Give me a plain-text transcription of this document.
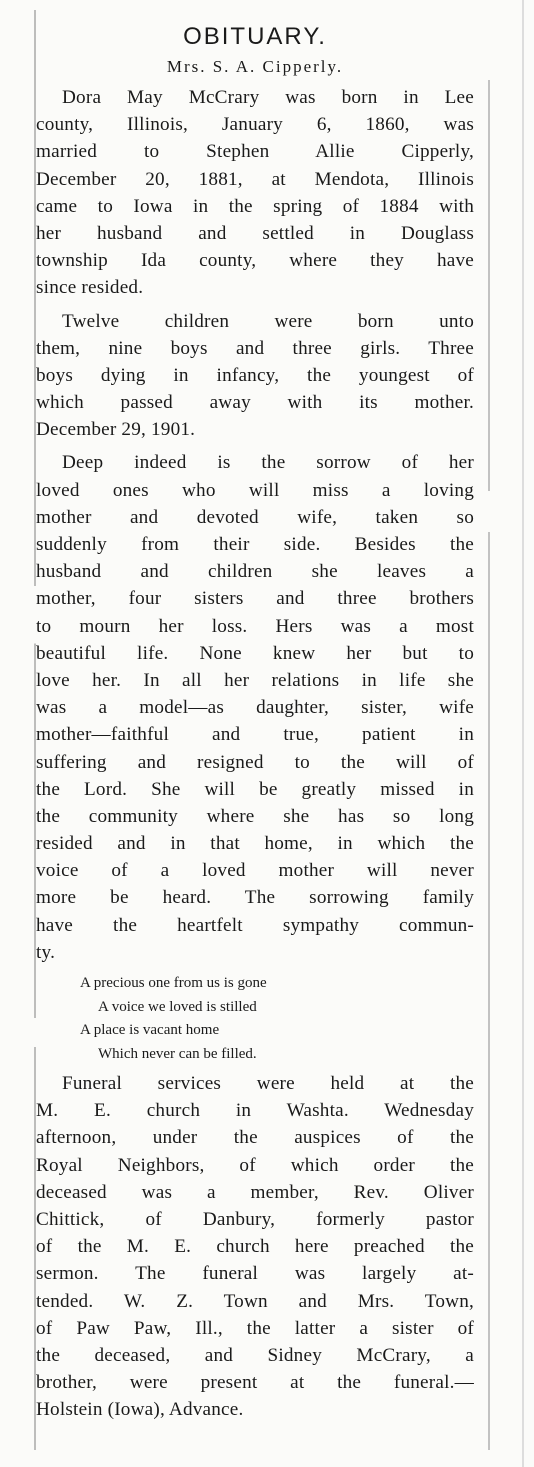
OBITUARY.
Mrs. S. A. Cipperly.
Dora May McCrary was born in Lee
county, Illinois, January 6, 1860, was
married to Stephen Allie Cipperly,
December 20, 1881, at Mendota, Illinois
came to Iowa in the spring of 1884 with
her husband and settled in Douglass
township Ida county, where they have
since resided.
Twelve children were born unto
them, nine boys and three girls. Three
boys dying in infancy, the youngest of
which passed away with its mother.
December 29, 1901.
Deep indeed is the sorrow of her
loved ones who will miss a loving
mother and devoted wife, taken so
suddenly from their side. Besides the
husband and children she leaves a
mother, four sisters and three brothers
to mourn her loss. Hers was a most
beautiful life. None knew her but to
love her. In all her relations in life she
was a model—as daughter, sister, wife
mother—faithful and true, patient in
suffering and resigned to the will of
the Lord. She will be greatly missed in
the community where she has so long
resided and in that home, in which the
voice of a loved mother will never
more be heard. The sorrowing family
have the heartfelt sympathy commun-
ty.
A precious one from us is gone
A voice we loved is stilled
A place is vacant home
Which never can be filled.
Funeral services were held at the
M. E. church in Washta. Wednesday
afternoon, under the auspices of the
Royal Neighbors, of which order the
deceased was a member, Rev. Oliver
Chittick, of Danbury, formerly pastor
of the M. E. church here preached the
sermon. The funeral was largely at-
tended. W. Z. Town and Mrs. Town,
of Paw Paw, Ill., the latter a sister of
the deceased, and Sidney McCrary, a
brother, were present at the funeral.—
Holstein (Iowa), Advance.
